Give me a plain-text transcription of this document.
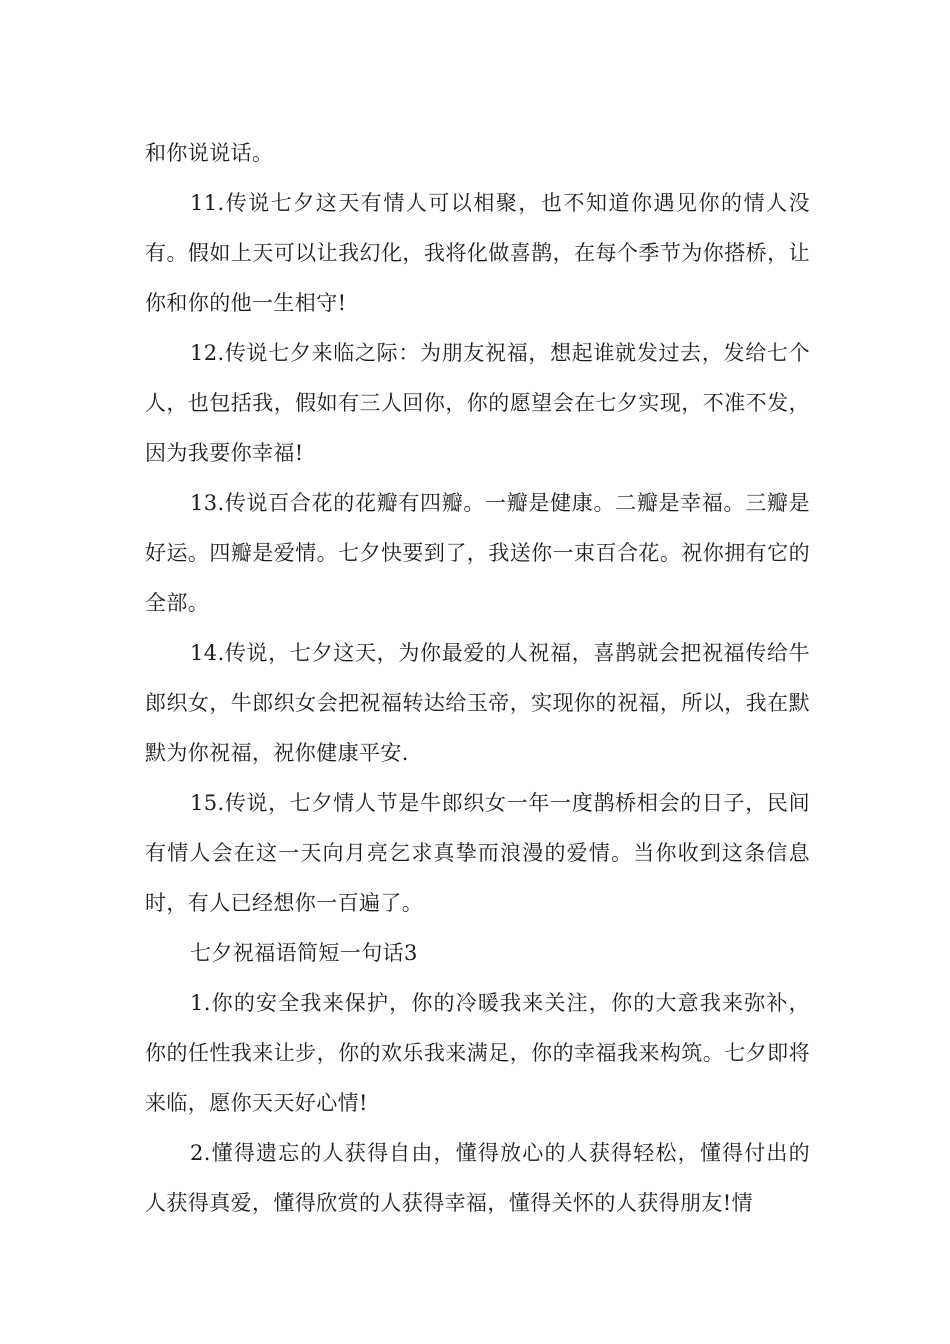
和你说说话。

11.传说七夕这天有情人可以相聚，也不知道你遇见你的情人没有。假如上天可以让我幻化，我将化做喜鹊，在每个季节为你搭桥，让你和你的他一生相守!

12.传说七夕来临之际：为朋友祝福，想起谁就发过去，发给七个人，也包括我，假如有三人回你，你的愿望会在七夕实现，不准不发，因为我要你幸福!

13.传说百合花的花瓣有四瓣。一瓣是健康。二瓣是幸福。三瓣是好运。四瓣是爱情。七夕快要到了，我送你一束百合花。祝你拥有它的全部。

14.传说，七夕这天，为你最爱的人祝福，喜鹊就会把祝福传给牛郎织女，牛郎织女会把祝福转达给玉帝，实现你的祝福，所以，我在默默为你祝福，祝你健康平安.

15.传说，七夕情人节是牛郎织女一年一度鹊桥相会的日子，民间有情人会在这一天向月亮乞求真挚而浪漫的爱情。当你收到这条信息时，有人已经想你一百遍了。

七夕祝福语简短一句话3

1.你的安全我来保护，你的冷暖我来关注，你的大意我来弥补，你的任性我来让步，你的欢乐我来满足，你的幸福我来构筑。七夕即将来临，愿你天天好心情!

2.懂得遗忘的人获得自由，懂得放心的人获得轻松，懂得付出的人获得真爱，懂得欣赏的人获得幸福，懂得关怀的人获得朋友!情
